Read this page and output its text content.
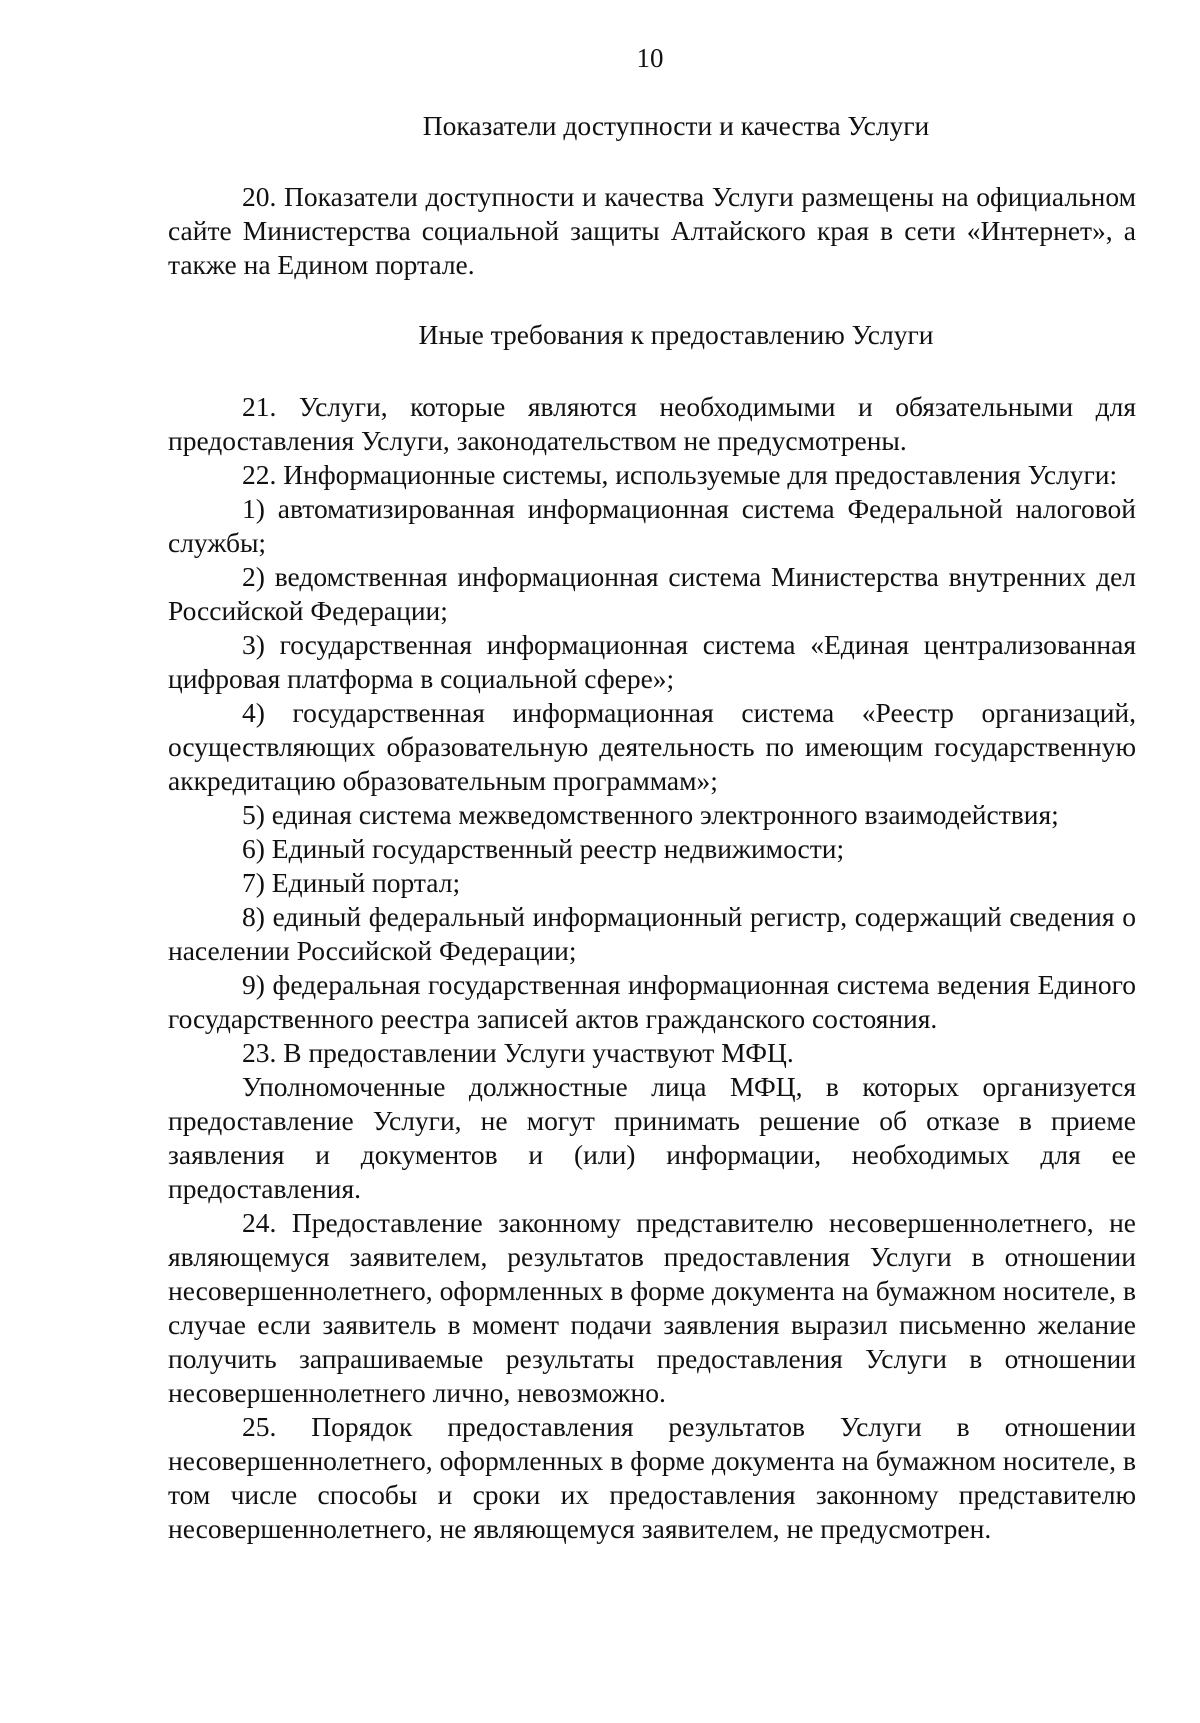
10
Показатели доступности и качества Услуги

20. Показатели доступности и качества Услуги размещены на официальном сайте Министерства социальной защиты Алтайского края в сети «Интернет», а также на Едином портале.

Иные требования к предоставлению Услуги

21. Услуги, которые являются необходимыми и обязательными для предоставления Услуги, законодательством не предусмотрены.

22. Информационные системы, используемые для предоставления Услуги:

1) автоматизированная информационная система Федеральной налоговой службы;

2) ведомственная информационная система Министерства внутренних дел Российской Федерации;

3) государственная информационная система «Единая централизованная цифровая платформа в социальной сфере»;

4) государственная информационная система «Реестр организаций, осуществляющих образовательную деятельность по имеющим государственную аккредитацию образовательным программам»;

5) единая система межведомственного электронного взаимодействия;

6) Единый государственный реестр недвижимости;

7) Единый портал;

8) единый федеральный информационный регистр, содержащий сведения о населении Российской Федерации;

9) федеральная государственная информационная система ведения Единого государственного реестра записей актов гражданского состояния.

23. В предоставлении Услуги участвуют МФЦ.

Уполномоченные должностные лица МФЦ, в которых организуется предоставление Услуги, не могут принимать решение об отказе в приеме заявления и документов и (или) информации, необходимых для ее предоставления.

24. Предоставление законному представителю несовершеннолетнего, не являющемуся заявителем, результатов предоставления Услуги в отношении несовершеннолетнего, оформленных в форме документа на бумажном носителе, в случае если заявитель в момент подачи заявления выразил письменно желание получить запрашиваемые результаты предоставления Услуги в отношении несовершеннолетнего лично, невозможно.

25. Порядок предоставления результатов Услуги в отношении несовершеннолетнего, оформленных в форме документа на бумажном носителе, в том числе способы и сроки их предоставления законному представителю несовершеннолетнего, не являющемуся заявителем, не предусмотрен.
